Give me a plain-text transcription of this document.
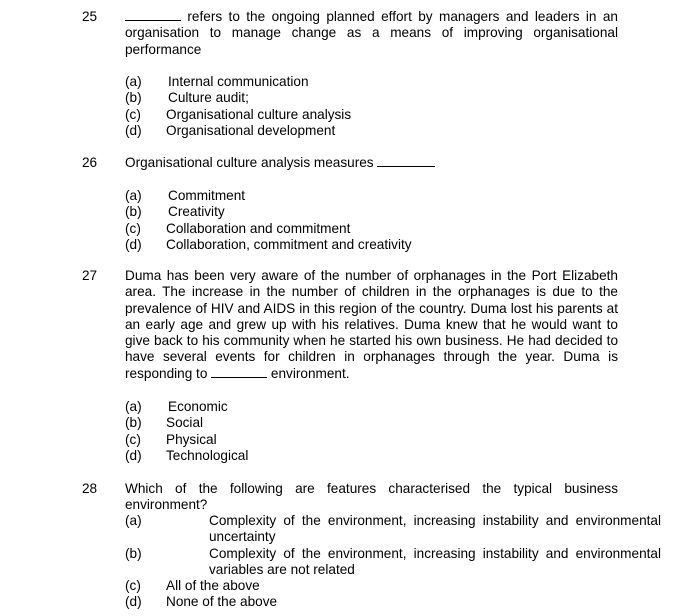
25	refers to the ongoing planned effort by managers and leaders in an organisation to manage change as a means of improving organisational performance
(a) Internal communication
(b) Culture audit;
(c) Organisational culture analysis
(d) Organisational development
26 Organisational culture analysis measures
(a) Commitment
(b) Creativity
(c) Collaboration and commitment
(d) Collaboration, commitment and creativity
27 Duma has been very aware of the number of orphanages in the Port Elizabeth area. The increase in the number of children in the orphanages is due to the prevalence of HIV and AIDS in this region of the country. Duma lost his parents at an early age and grew up with his relatives. Duma knew that he would want to give back to his community when he started his own business. He had decided to have several events for children in orphanages through the year. Duma is responding to	environment.
(a) Economic
(b) Social
(c) Physical
(d) Technological
28 Which of the following are features characterised the typical business environment?
(a)	Complexity of the environment, increasing instability and environmental uncertainty
(b)	Complexity of the environment, increasing instability and environmental variables are not related
(c) All of the above
(d) None of the above
